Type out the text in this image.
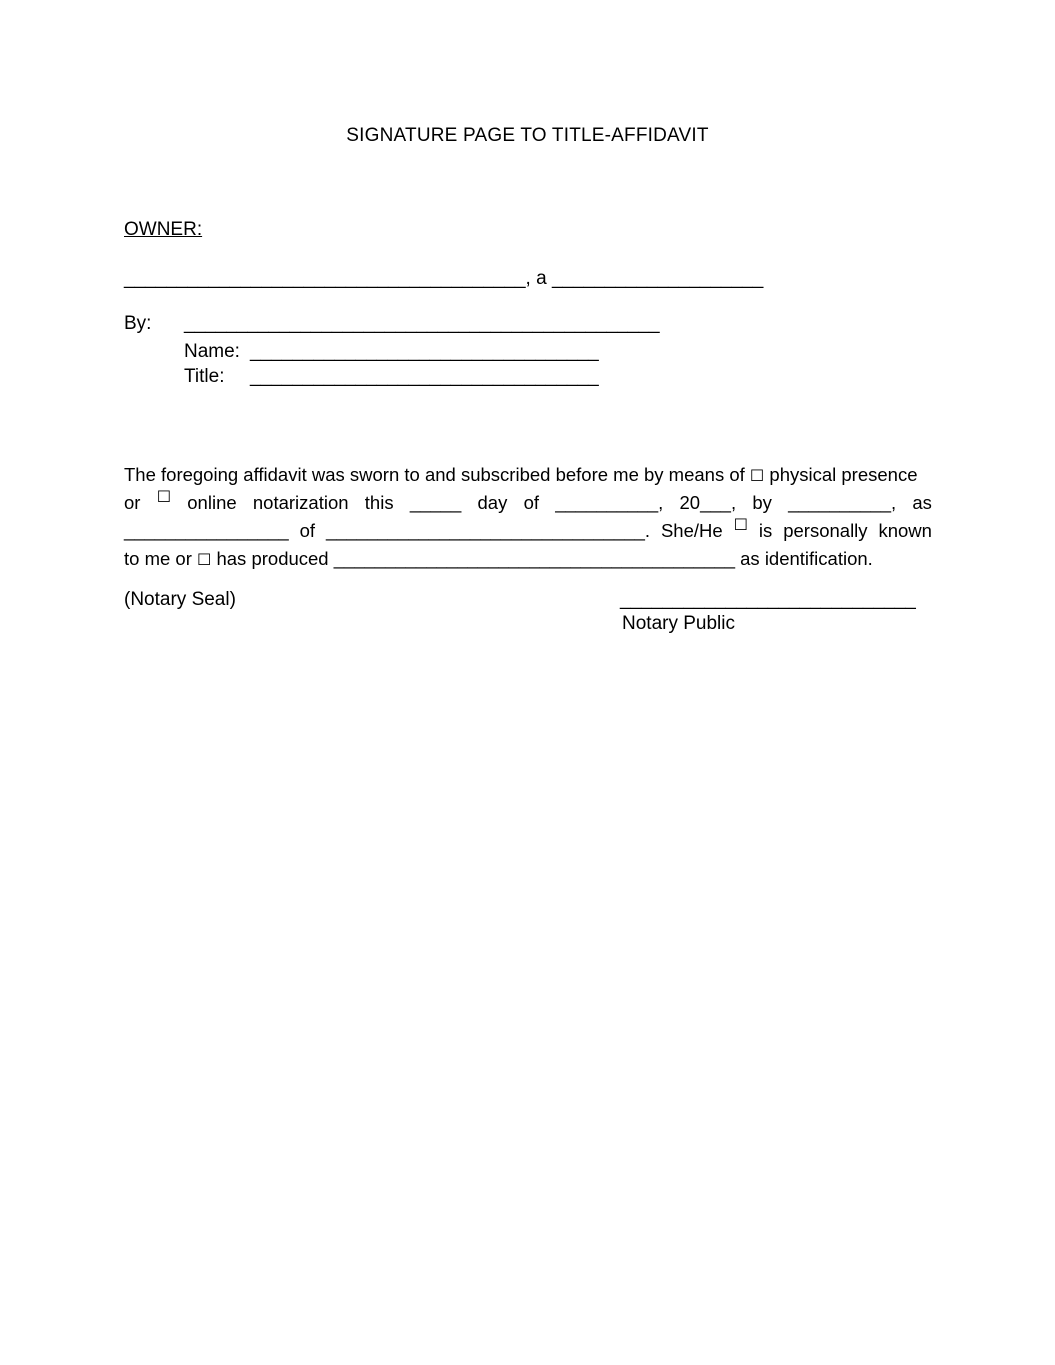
SIGNATURE PAGE TO TITLE-AFFIDAVIT
OWNER:
______________________________________, a ____________________
By: _____________________________________________
Name: _________________________________
Title: _________________________________
The foregoing affidavit was sworn to and subscribed before me by means of ☐ physical presence
or ☐ online notarization this _____ day of __________, 20___, by __________, as
________________ of _______________________________. She/He ☐ is personally known
to me or ☐ has produced _______________________________________ as identification.
(Notary Seal)	____________________________
Notary Public
